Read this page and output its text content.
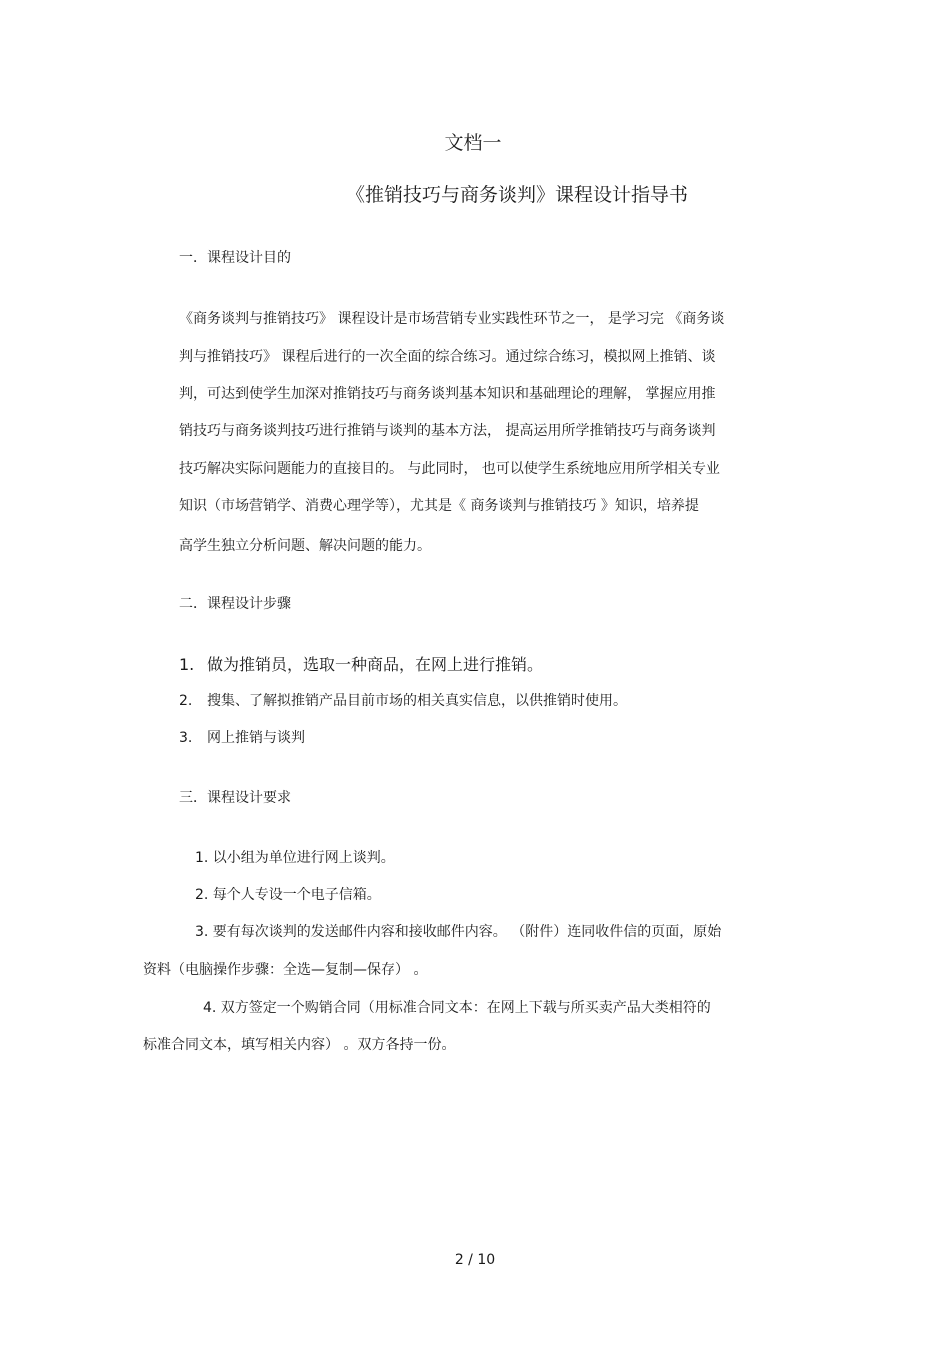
文档一
《推销技巧与商务谈判》课程设计指导书
一．课程设计目的
《商务谈判与推销技巧》 课程设计是市场营销专业实践性环节之一， 是学习完 《商务谈
判与推销技巧》 课程后进行的一次全面的综合练习。通过综合练习，模拟网上推销、谈
判，可达到使学生加深对推销技巧与商务谈判基本知识和基础理论的理解， 掌握应用推
销技巧与商务谈判技巧进行推销与谈判的基本方法， 提高运用所学推销技巧与商务谈判
技巧解决实际问题能力的直接目的。 与此同时， 也可以使学生系统地应用所学相关专业
知识（市场营销学、消费心理学等），尤其是《 商务谈判与推销技巧 》知识，培养提
高学生独立分析问题、解决问题的能力。
二．课程设计步骤
1. 做为推销员，选取一种商品，在网上进行推销。
2. 搜集、了解拟推销产品目前市场的相关真实信息，以供推销时使用。
3. 网上推销与谈判
三．课程设计要求
1. 以小组为单位进行网上谈判。
2. 每个人专设一个电子信箱。
3. 要有每次谈判的发送邮件内容和接收邮件内容。 （附件）连同收件信的页面，原始
资料（电脑操作步骤：全选—复制—保存） 。
4. 双方签定一个购销合同（用标准合同文本：在网上下载与所买卖产品大类相符的
标准合同文本，填写相关内容） 。双方各持一份。
2 / 10
